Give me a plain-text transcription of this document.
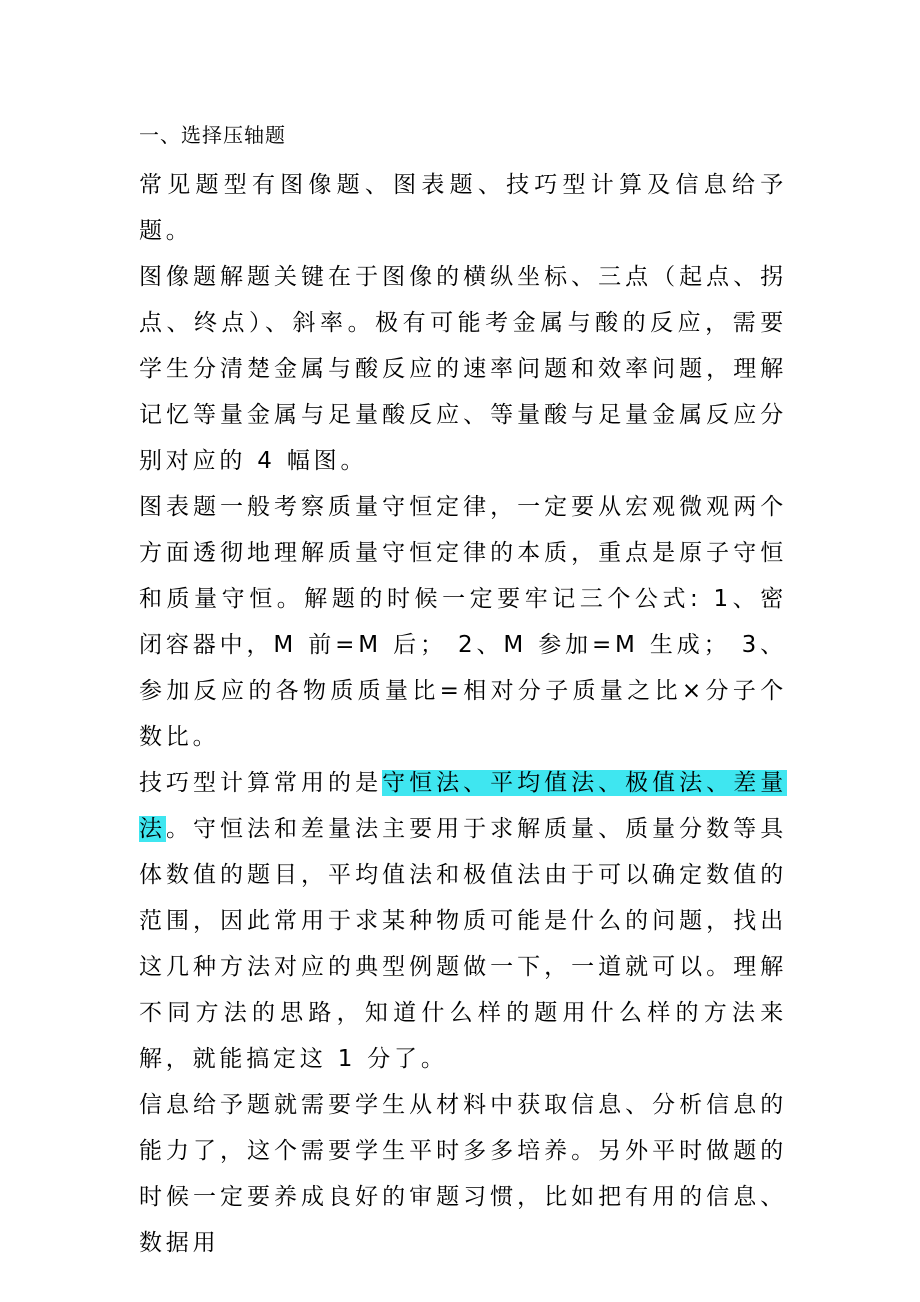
一、选择压轴题

常见题型有图像题、图表题、技巧型计算及信息给予题。

图像题解题关键在于图像的横纵坐标、三点（起点、拐点、终点）、斜率。极有可能考金属与酸的反应，需要学生分清楚金属与酸反应的速率问题和效率问题，理解记忆等量金属与足量酸反应、等量酸与足量金属反应分别对应的 4 幅图。

图表题一般考察质量守恒定律，一定要从宏观微观两个方面透彻地理解质量守恒定律的本质，重点是原子守恒和质量守恒。解题的时候一定要牢记三个公式: 1、密闭容器中，M 前=M 后； 2、M 参加=M 生成； 3、参加反应的各物质质量比=相对分子质量之比×分子个数比。

技巧型计算常用的是守恒法、平均值法、极值法、差量法。守恒法和差量法主要用于求解质量、质量分数等具体数值的题目，平均值法和极值法由于可以确定数值的范围，因此常用于求某种物质可能是什么的问题，找出这几种方法对应的典型例题做一下，一道就可以。理解不同方法的思路，知道什么样的题用什么样的方法来解，就能搞定这 1 分了。

信息给予题就需要学生从材料中获取信息、分析信息的能力了，这个需要学生平时多多培养。另外平时做题的时候一定要养成良好的审题习惯，比如把有用的信息、数据用
